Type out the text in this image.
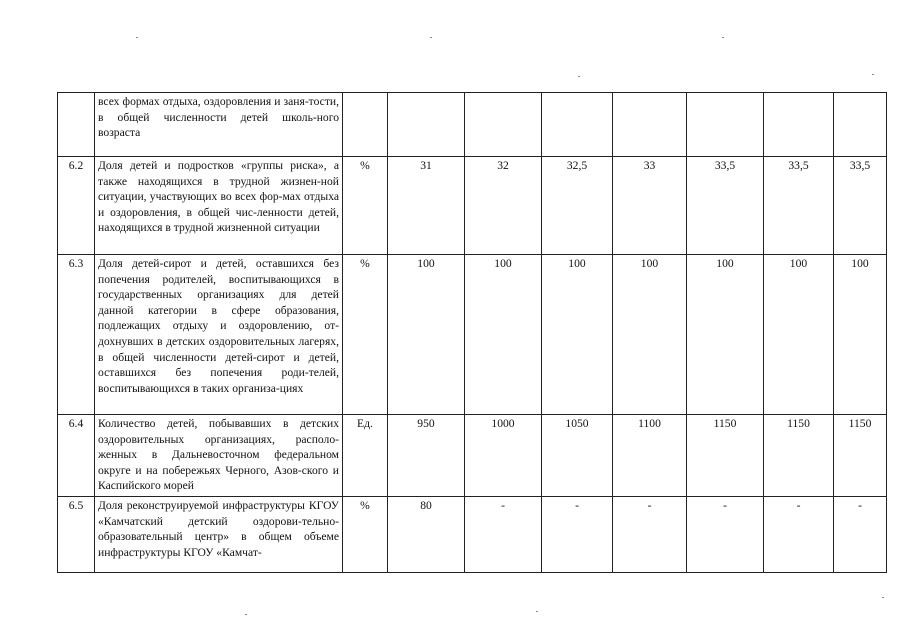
	всех формах отдыха, оздоровления и заня-тости, в общей численности детей школь-ного возраста								
6.2	Доля детей и подростков «группы риска», а также находящихся в трудной жизнен-ной ситуации, участвующих во всех фор-мах отдыха и оздоровления, в общей чис-ленности детей, находящихся в трудной жизненной ситуации	%	31	32	32,5	33	33,5	33,5	33,5
6.3	Доля детей-сирот и детей, оставшихся без попечения родителей, воспитывающихся в государственных организациях для детей данной категории в сфере образования, подлежащих отдыху и оздоровлению, от-дохнувших в детских оздоровительных лагерях, в общей численности детей-сирот и детей, оставшихся без попечения роди-телей, воспитывающихся в таких организа-циях	%	100	100	100	100	100	100	100
6.4	Количество детей, побывавших в детских оздоровительных организациях, располо-женных в Дальневосточном федеральном округе и на побережьях Черного, Азов-ского и Каспийского морей	Ед.	950	1000	1050	1100	1150	1150	1150
6.5	Доля реконструируемой инфраструктуры КГОУ «Камчатский детский оздорови-тельно-образовательный центр» в общем объеме инфраструктуры КГОУ «Камчат-	%	80	-	-	-	-	-	-
